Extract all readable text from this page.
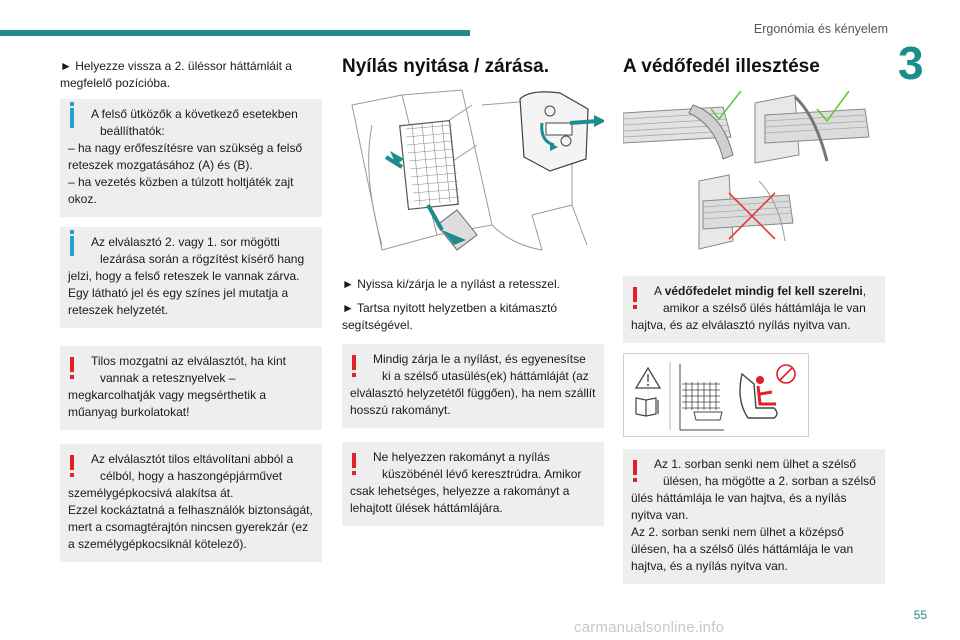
Ergonómia és kényelem
3

► Helyezze vissza a 2. üléssor háttámláit a megfelelő pozícióba.

A felső ütközők a következő esetekben
beállíthatók:
– ha nagy erőfeszítésre van szükség a felső reteszek mozgatásához (A) és (B).
– ha vezetés közben a túlzott holtjáték zajt okoz.
Az elválasztó 2. vagy 1. sor mögötti
lezárása során a rögzítést kísérő hang
jelzi, hogy a felső reteszek le vannak zárva. Egy látható jel és egy színes jel mutatja a reteszek helyzetét.
Tilos mozgatni az elválasztót, ha kint
vannak a retesznyelvek –
megkarcolhatják vagy megsérthetik a műanyag burkolatokat!
Az elválasztót tilos eltávolítani abból a
célból, hogy a haszongépjárművet
személygépkocsivá alakítsa át.
Ezzel kockáztatná a felhasználók biztonságát, mert a csomagtérajtón nincsen gyerekzár (ez a személygépkocsiknál kötelező).
Nyílás nyitása / zárása.

► Nyissa ki/zárja le a nyílást a retesszel.

► Tartsa nyitott helyzetben a kitámasztó segítségével.

Mindig zárja le a nyílást, és egyenesítse
ki a szélső utasülés(ek) háttámláját (az
elválasztó helyzetétől függően), ha nem szállít hosszú rakományt.
Ne helyezzen rakományt a nyílás
küszöbénél lévő keresztrúdra. Amikor
csak lehetséges, helyezze a rakományt a lehajtott ülések háttámlájára.
A védőfedél illesztése
A védőfedelet mindig fel kell szerelni,
amikor a szélső ülés háttámlája le van
hajtva, és az elválasztó nyílás nyitva van.
Az 1. sorban senki nem ülhet a szélső
ülésen, ha mögötte a 2. sorban a szélső
ülés háttámlája le van hajtva, és a nyílás nyitva van.
Az 2. sorban senki nem ülhet a középső ülésen, ha a szélső ülés háttámlája le van hajtva, és a nyílás nyitva van.
55
carmanualsonline.info
